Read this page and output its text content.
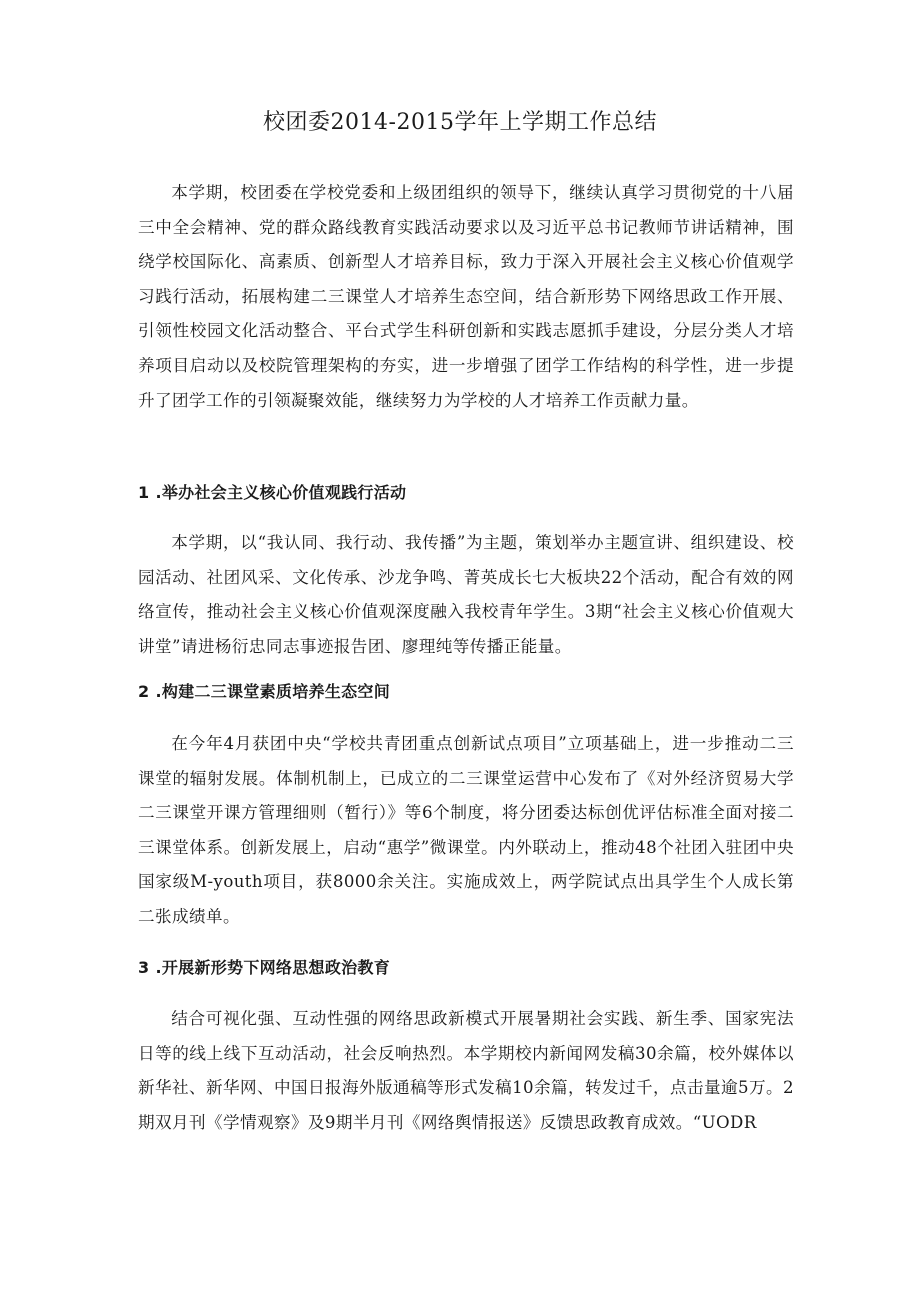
校团委2014-2015学年上学期工作总结

本学期，校团委在学校党委和上级团组织的领导下，继续认真学习贯彻党的十八届三中全会精神、党的群众路线教育实践活动要求以及习近平总书记教师节讲话精神，围绕学校国际化、高素质、创新型人才培养目标，致力于深入开展社会主义核心价值观学习践行活动，拓展构建二三课堂人才培养生态空间，结合新形势下网络思政工作开展、引领性校园文化活动整合、平台式学生科研创新和实践志愿抓手建设，分层分类人才培养项目启动以及校院管理架构的夯实，进一步增强了团学工作结构的科学性，进一步提升了团学工作的引领凝聚效能，继续努力为学校的人才培养工作贡献力量。

1 .举办社会主义核心价值观践行活动

本学期，以“我认同、我行动、我传播”为主题，策划举办主题宣讲、组织建设、校园活动、社团风采、文化传承、沙龙争鸣、菁英成长七大板块22个活动，配合有效的网络宣传，推动社会主义核心价值观深度融入我校青年学生。3期“社会主义核心价值观大讲堂”请进杨衍忠同志事迹报告团、廖理纯等传播正能量。

2 .构建二三课堂素质培养生态空间

在今年4月获团中央“学校共青团重点创新试点项目”立项基础上，进一步推动二三课堂的辐射发展。体制机制上，已成立的二三课堂运营中心发布了《对外经济贸易大学二三课堂开课方管理细则（暂行）》等6个制度，将分团委达标创优评估标准全面对接二三课堂体系。创新发展上，启动“惠学”微课堂。内外联动上，推动48个社团入驻团中央国家级M-youth项目，获8000余关注。实施成效上，两学院试点出具学生个人成长第二张成绩单。

3 .开展新形势下网络思想政治教育

结合可视化强、互动性强的网络思政新模式开展暑期社会实践、新生季、国家宪法日等的线上线下互动活动，社会反响热烈。本学期校内新闻网发稿30余篇，校外媒体以新华社、新华网、中国日报海外版通稿等形式发稿10余篇，转发过千，点击量逾5万。2期双月刊《学情观察》及9期半月刊《网络舆情报送》反馈思政教育成效。“UODR
